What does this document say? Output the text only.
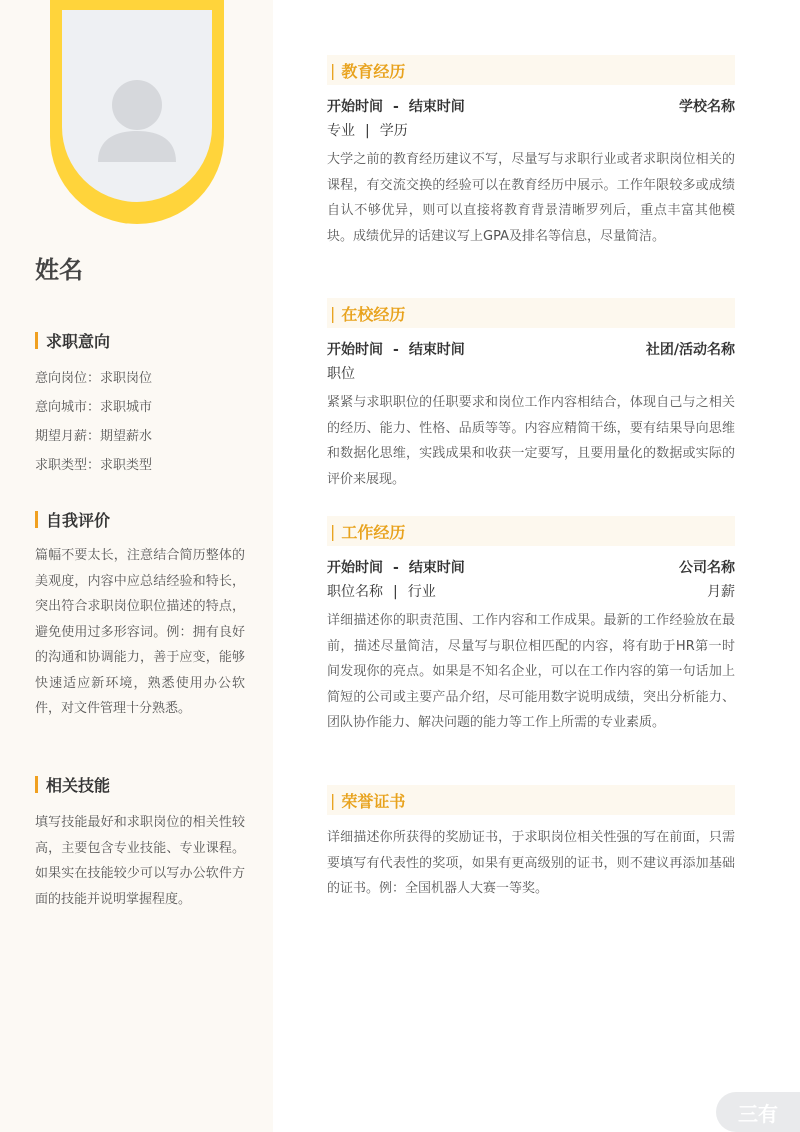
姓名
求职意向
意向岗位：求职岗位
意向城市：求职城市
期望月薪：期望薪水
求职类型：求职类型
自我评价
篇幅不要太长，注意结合简历整体的美观度，内容中应总结经验和特长，突出符合求职岗位职位描述的特点，避免使用过多形容词。例：拥有良好的沟通和协调能力，善于应变，能够快速适应新环境，熟悉使用办公软件，对文件管理十分熟悉。
相关技能
填写技能最好和求职岗位的相关性较高，主要包含专业技能、专业课程。如果实在技能较少可以写办公软件方面的技能并说明掌握程度。
| 教育经历
开始时间 - 结束时间	学校名称
专业 | 学历
大学之前的教育经历建议不写，尽量写与求职行业或者求职岗位相关的课程，有交流交换的经验可以在教育经历中展示。工作年限较多或成绩自认不够优异，则可以直接将教育背景清晰罗列后，重点丰富其他模块。成绩优异的话建议写上GPA及排名等信息，尽量简洁。
| 在校经历
开始时间 - 结束时间	社团/活动名称
职位
紧紧与求职职位的任职要求和岗位工作内容相结合，体现自己与之相关的经历、能力、性格、品质等等。内容应精简干练，要有结果导向思维和数据化思维，实践成果和收获一定要写，且要用量化的数据或实际的评价来展现。
| 工作经历
开始时间 - 结束时间	公司名称
职位名称 | 行业	月薪
详细描述你的职责范围、工作内容和工作成果。最新的工作经验放在最前，描述尽量简洁，尽量写与职位相匹配的内容，将有助于HR第一时间发现你的亮点。如果是不知名企业，可以在工作内容的第一句话加上简短的公司或主要产品介绍，尽可能用数字说明成绩，突出分析能力、团队协作能力、解决问题的能力等工作上所需的专业素质。
| 荣誉证书
详细描述你所获得的奖励证书，于求职岗位相关性强的写在前面，只需要填写有代表性的奖项，如果有更高级别的证书，则不建议再添加基础的证书。例：全国机器人大赛一等奖。
三有
